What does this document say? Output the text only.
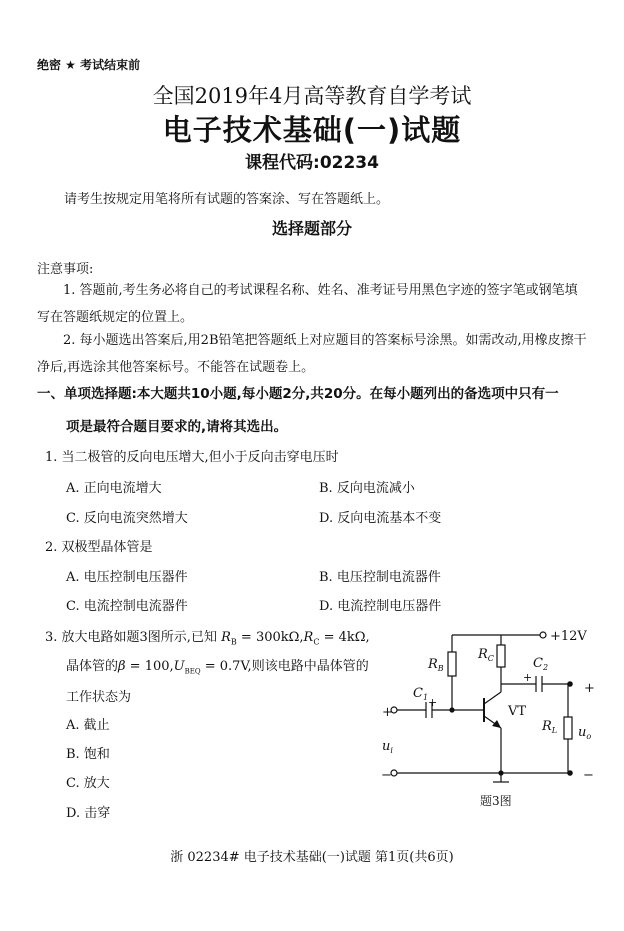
绝密 ★ 考试结束前
全国2019年4月高等教育自学考试
电子技术基础(一)试题
课程代码:02234
请考生按规定用笔将所有试题的答案涂、写在答题纸上。
选择题部分
注意事项:
1. 答题前,考生务必将自己的考试课程名称、姓名、准考证号用黑色字迹的签字笔或钢笔填写在答题纸规定的位置上。
2. 每小题选出答案后,用2B铅笔把答题纸上对应题目的答案标号涂黑。如需改动,用橡皮擦干净后,再选涂其他答案标号。不能答在试题卷上。
一、单项选择题:本大题共10小题,每小题2分,共20分。在每小题列出的备选项中只有一
项是最符合题目要求的,请将其选出。
1. 当二极管的反向电压增大,但小于反向击穿电压时
A. 正向电流增大	B. 反向电流减小
C. 反向电流突然增大	D. 反向电流基本不变
2. 双极型晶体管是
A. 电压控制电压器件	B. 电压控制电流器件
C. 电流控制电流器件	D. 电流控制电压器件
3. 放大电路如题3图所示,已知 $R_B = 300k\Omega,R_C = 4k\Omega$,
晶体管的$\beta = 100,U_{BEQ} = 0.7V$,则该电路中晶体管的
工作状态为
A. 截止
B. 饱和
C. 放大
D. 击穿
+12V
$R_B$
$R_C$	$C_2$
+
$C_1$ +
+	VT
+
$R_L$ $u_o$
$u_i$
−	−
题3图
浙 02234# 电子技术基础(一)试题 第1页(共6页)
